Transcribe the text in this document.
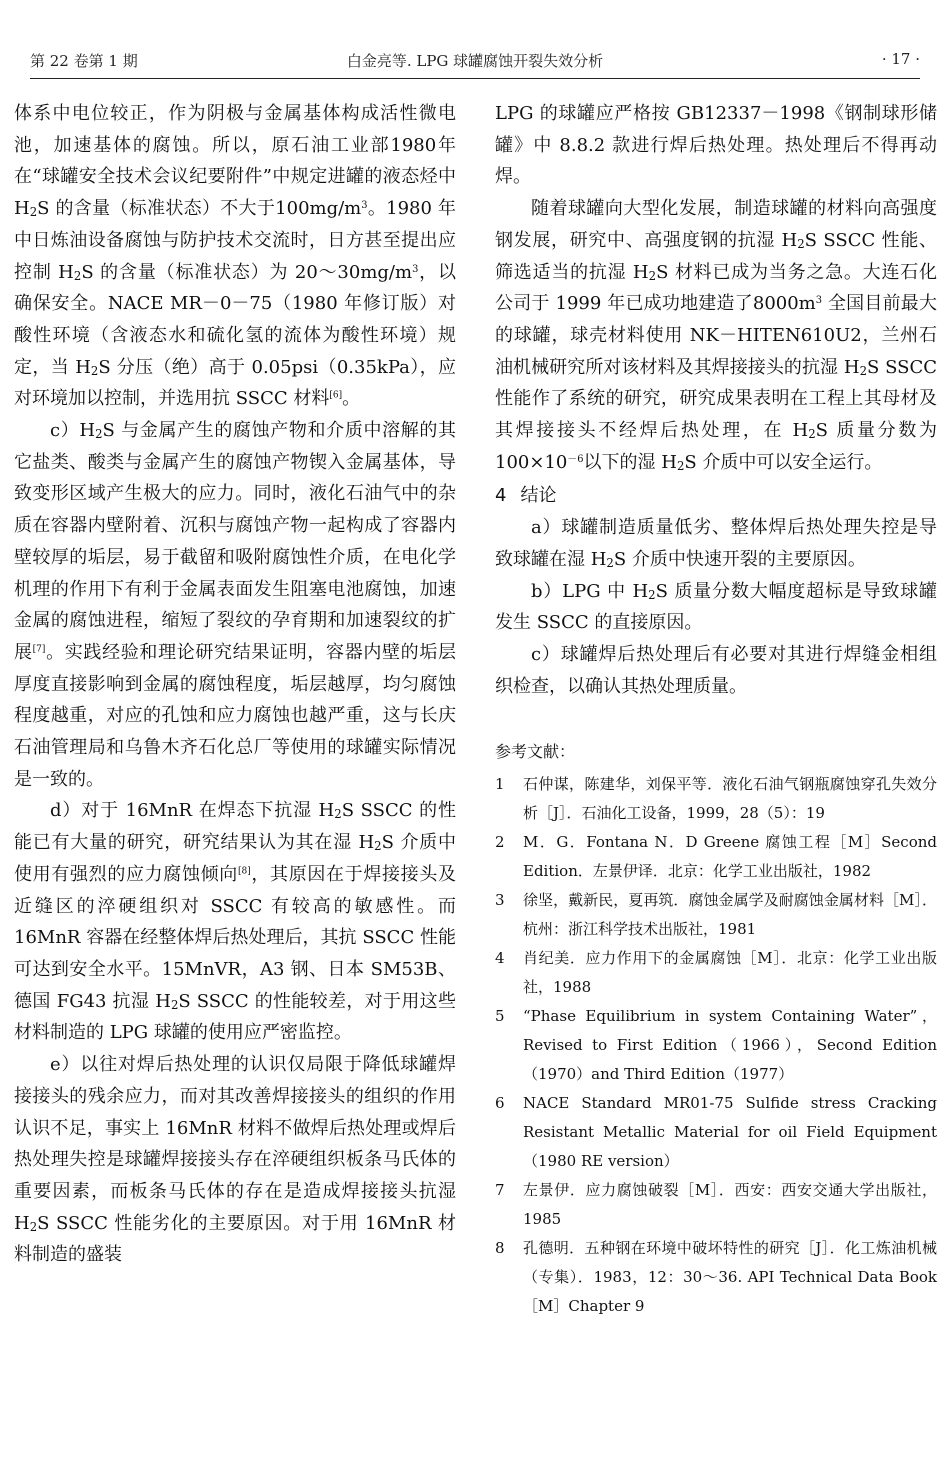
第 22 卷第 1 期	白金亮等. LPG 球罐腐蚀开裂失效分析	· 17 ·

体系中电位较正，作为阴极与金属基体构成活性微电池，加速基体的腐蚀。所以，原石油工业部1980年在“球罐安全技术会议纪要附件”中规定进罐的液态烃中 $H_2S$ 的含量（标准状态）不大于$100mg/m^3$。1980 年中日炼油设备腐蚀与防护技术交流时，日方甚至提出应控制 $H_2S$ 的含量（标准状态）为 $20\sim 30mg/m^3$，以确保安全。NACE MR－0－75（1980 年修订版）对酸性环境（含液态水和硫化氢的流体为酸性环境）规定，当 $H_2S$ 分压（绝）高于 0.05psi（0.35kPa），应对环境加以控制，并选用抗 SSCC 材料[6]。

$c)H_2S$ 与金属产生的腐蚀产物和介质中溶解的其它盐类、酸类与金属产生的腐蚀产物锲入金属基体，导致变形区域产生极大的应力。同时，液化石油气中的杂质在容器内壁附着、沉积与腐蚀产物一起构成了容器内壁较厚的垢层，易于截留和吸附腐蚀性介质，在电化学机理的作用下有利于金属表面发生阻塞电池腐蚀，加速金属的腐蚀进程，缩短了裂纹的孕育期和加速裂纹的扩展[7]。实践经验和理论研究结果证明，容器内壁的垢层厚度直接影响到金属的腐蚀程度，垢层越厚，均匀腐蚀程度越重，对应的孔蚀和应力腐蚀也越严重，这与长庆石油管理局和乌鲁木齐石化总厂等使用的球罐实际情况是一致的。

d）对于 16MnR 在焊态下抗湿 $H_2S$ SSCC 的性能已有大量的研究，研究结果认为其在湿 $H_2S$ 介质中使用有强烈的应力腐蚀倾向[8]，其原因在于焊接接头及近缝区的淬硬组织对 SSCC 有较高的敏感性。而 16MnR 容器在经整体焊后热处理后，其抗 SSCC 性能可达到安全水平。15MnVR，A3 钢、日本 SM53B、德国 FG43 抗湿 $H_2S$ SSCC 的性能较差，对于用这些材料制造的 LPG 球罐的使用应严密监控。

e）以往对焊后热处理的认识仅局限于降低球罐焊接接头的残余应力，而对其改善焊接接头的组织的作用认识不足，事实上 16MnR 材料不做焊后热处理或焊后热处理失控是球罐焊接接头存在淬硬组织板条马氏体的重要因素，而板条马氏体的存在是造成焊接接头抗湿 $H_2S$ SSCC 性能劣化的主要原因。对于用 16MnR 材料制造的盛装

LPG 的球罐应严格按 GB12337－1998《钢制球形储罐》中 8.8.2 款进行焊后热处理。热处理后不得再动焊。

随着球罐向大型化发展，制造球罐的材料向高强度钢发展，研究中、高强度钢的抗湿 $H_2S$ SSCC 性能、筛选适当的抗湿 $H_2S$ 材料已成为当务之急。大连石化公司于 1999 年已成功地建造了$8000m^3$ 全国目前最大的球罐，球壳材料使用 NK－HITEN610U2，兰州石油机械研究所对该材料及其焊接接头的抗湿 $H_2S$ SSCC 性能作了系统的研究，研究成果表明在工程上其母材及其焊接接头不经焊后热处理，在 $H_2S$ 质量分数为 $100\times 10^{-6}$以下的湿 $H_2S$ 介质中可以安全运行。

4 结论

a）球罐制造质量低劣、整体焊后热处理失控是导致球罐在湿 $H_2S$ 介质中快速开裂的主要原因。

b）LPG 中 $H_2S$ 质量分数大幅度超标是导致球罐发生 SSCC 的直接原因。

c）球罐焊后热处理后有必要对其进行焊缝金相组织检查，以确认其热处理质量。

参考文献：
1	石仲谋，陈建华，刘保平等．液化石油气钢瓶腐蚀穿孔失效分析［J］．石油化工设备，1999，28（5）：19
2	M．G．Fontana N．D Greene 腐蚀工程［M］Second Edition．左景伊译．北京：化学工业出版社，1982
3	徐坚，戴新民，夏再筑．腐蚀金属学及耐腐蚀金属材料［M］．杭州：浙江科学技术出版社，1981
4	肖纪美．应力作用下的金属腐蚀［M］．北京：化学工业出版社，1988
5	“Phase Equilibrium in system Containing Water”，Revised to First Edition（1966），Second Edition（1970）and Third Edition（1977）
6	NACE Standard MR01-75 Sulfide stress Cracking Resistant Metallic Material for oil Field Equipment（1980 RE version）
7	左景伊．应力腐蚀破裂［M］．西安：西安交通大学出版社，1985
8	孔德明．五种钢在环境中破坏特性的研究［J］．化工炼油机械（专集）．1983，12：30～36. API Technical Data Book［M］Chapter 9
